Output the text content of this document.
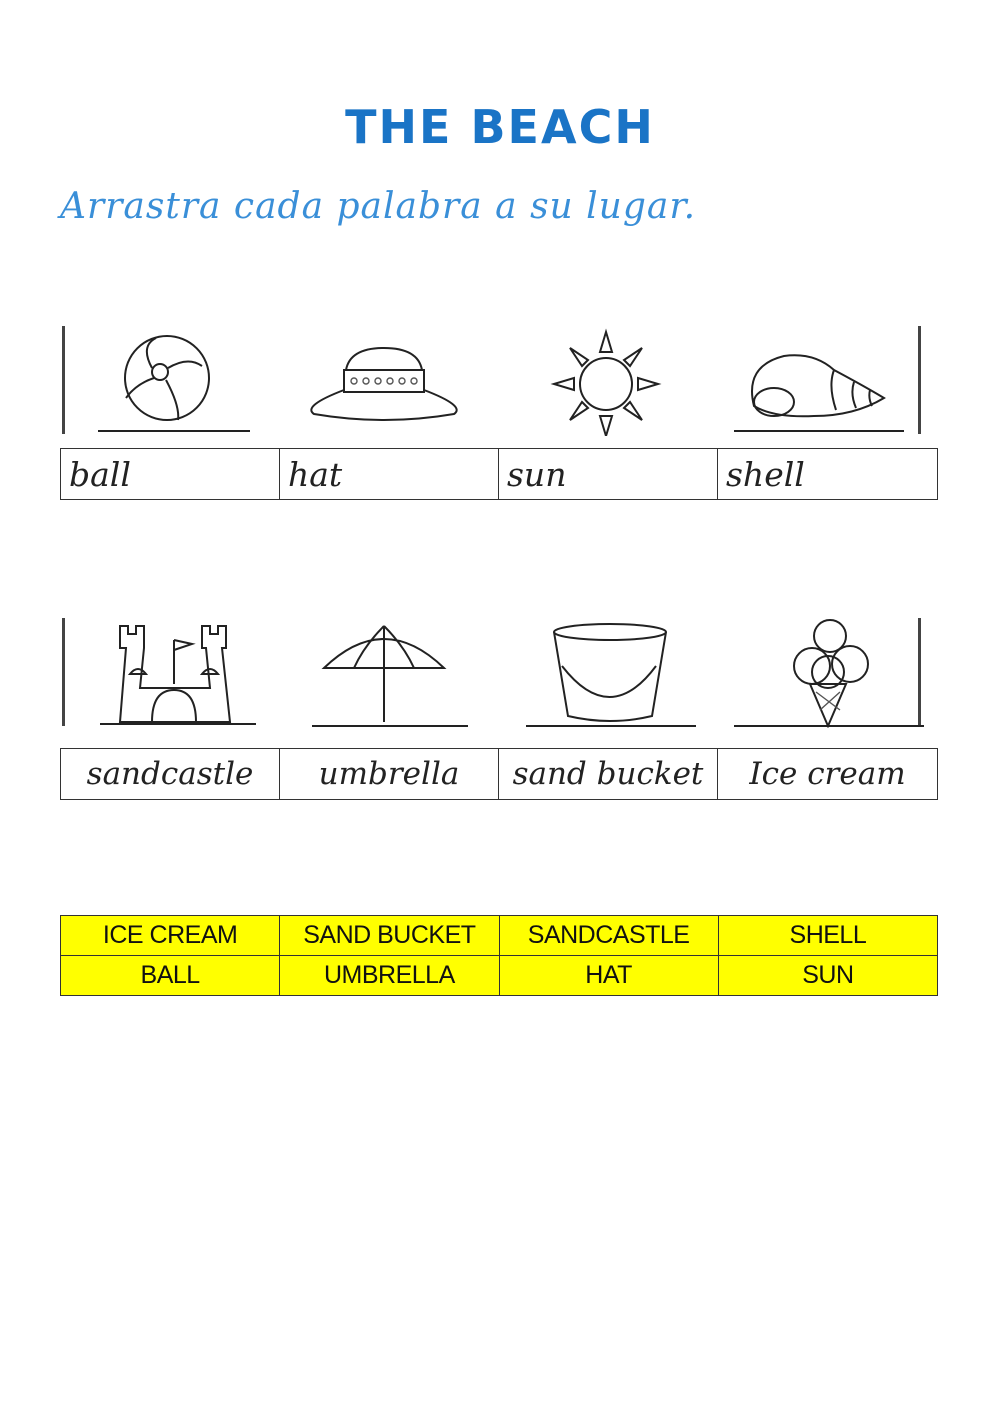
THE BEACH
Arrastra cada palabra a su lugar.
ball	hat	sun	shell
sandcastle	umbrella	sand bucket	Ice cream
ICE CREAM	SAND BUCKET	SANDCASTLE	SHELL
BALL	UMBRELLA	HAT	SUN
